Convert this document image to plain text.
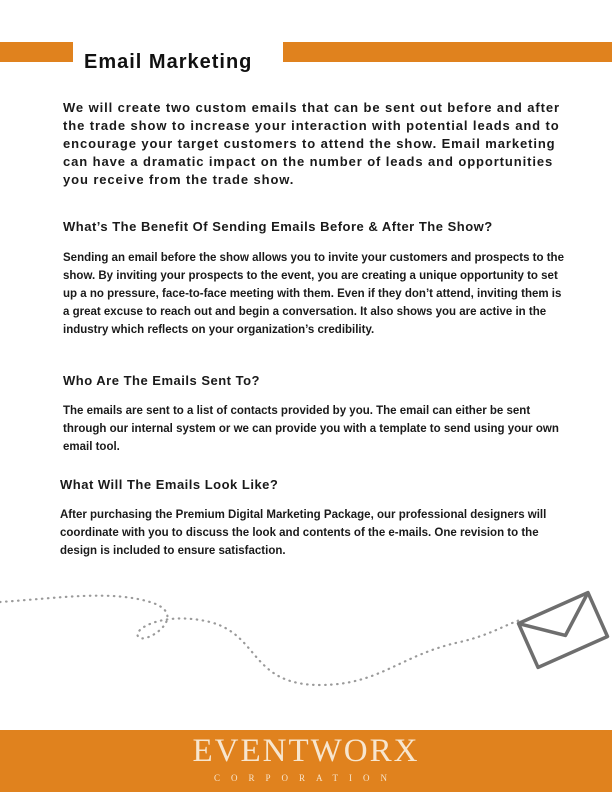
Email Marketing

We will create two custom emails that can be sent out before and after the trade show to increase your interaction with potential leads and to encourage your target customers to attend the show. Email marketing can have a dramatic impact on the number of leads and opportunities you receive from the trade show.

What’s The Benefit Of Sending Emails Before & After The Show?

Sending an email before the show allows you to invite your customers and prospects to the show. By inviting your prospects to the event, you are creating a unique opportunity to set up a no pressure, face-to-face meeting with them. Even if they don’t attend, inviting them is a great excuse to reach out and begin a conversation. It also shows you are active in the industry which reflects on your organization’s credibility.

Who Are The Emails Sent To?

The emails are sent to a list of contacts provided by you. The email can either be sent through our internal system or we can provide you with a template to send using your own email tool.

What Will The Emails Look Like?

After purchasing the Premium Digital Marketing Package, our professional designers will coordinate with you to discuss the look and contents of the e-mails. One revision to the design is included to ensure satisfaction.

EVENTWORX
CORPORATION
